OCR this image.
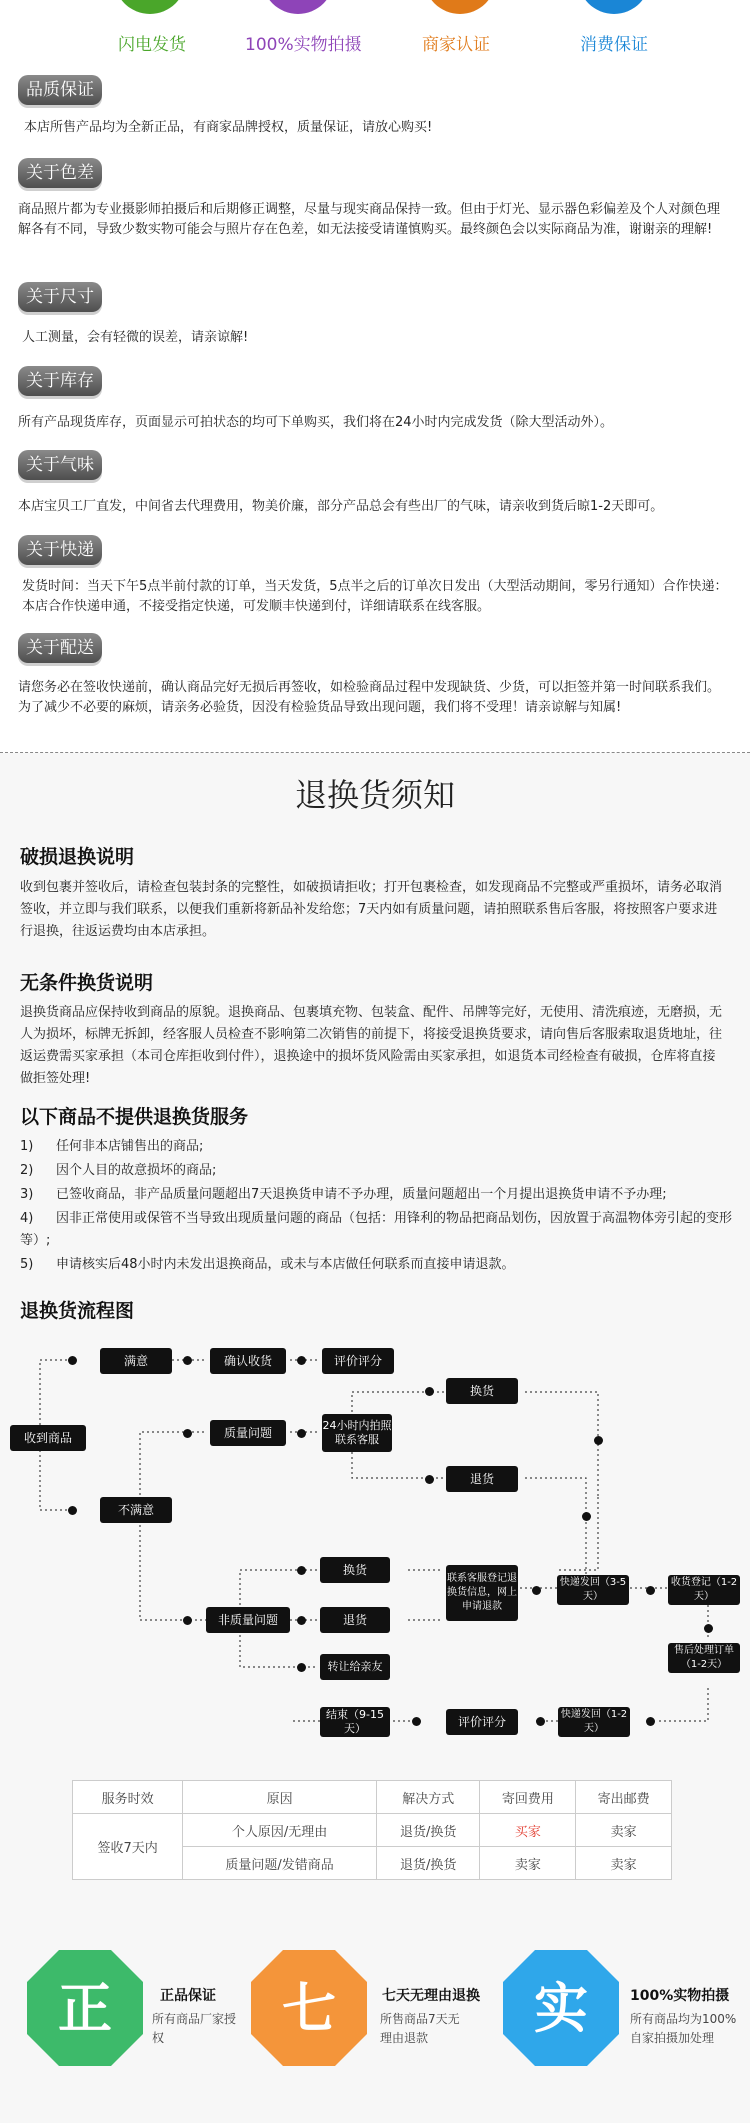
闪电发货	100%实物拍摄	商家认证	消费保证
品质保证
本店所售产品均为全新正品，有商家品牌授权，质量保证，请放心购买!
关于色差
商品照片都为专业摄影师拍摄后和后期修正调整，尽量与现实商品保持一致。但由于灯光、显示器色彩偏差及个人对颜色理解各有不同，导致少数实物可能会与照片存在色差，如无法接受请谨慎购买。最终颜色会以实际商品为准，谢谢亲的理解!
关于尺寸
人工测量，会有轻微的误差，请亲谅解!
关于库存
所有产品现货库存，页面显示可拍状态的均可下单购买，我们将在24小时内完成发货（除大型活动外）。
关于气味
本店宝贝工厂直发，中间省去代理费用，物美价廉，部分产品总会有些出厂的气味，请亲收到货后晾1-2天即可。
关于快递
发货时间：当天下午5点半前付款的订单，当天发货，5点半之后的订单次日发出（大型活动期间，零另行通知）合作快递：本店合作快递申通，不接受指定快递，可发顺丰快递到付，详细请联系在线客服。
关于配送
请您务必在签收快递前，确认商品完好无损后再签收，如检验商品过程中发现缺货、少货，可以拒签并第一时间联系我们。为了减少不必要的麻烦，请亲务必验货，因没有检验货品导致出现问题，我们将不受理！请亲谅解与知属!
退换货须知
破损退换说明
收到包裹并签收后，请检查包装封条的完整性，如破损请拒收；打开包裹检查，如发现商品不完整或严重损坏，请务必取消签收，并立即与我们联系，以便我们重新将新品补发给您；7天内如有质量问题，请拍照联系售后客服，将按照客户要求进行退换，往返运费均由本店承担。
无条件换货说明
退换货商品应保持收到商品的原貌。退换商品、包裹填充物、包装盒、配件、吊牌等完好，无使用、清洗痕迹，无磨损，无人为损坏，标牌无拆卸，经客服人员检查不影响第二次销售的前提下，将接受退换货要求，请向售后客服索取退货地址，往返运费需买家承担（本司仓库拒收到付件），退换途中的损坏货风险需由买家承担，如退货本司经检查有破损，仓库将直接做拒签处理!
以下商品不提供退换货服务
1) 任何非本店铺售出的商品;
2) 因个人目的故意损坏的商品;
3) 已签收商品，非产品质量问题超出7天退换货申请不予办理，质量问题超出一个月提出退换货申请不予办理;
4) 因非正常使用或保管不当导致出现质量问题的商品（包括：用锋利的物品把商品划伤，因放置于高温物体旁引起的变形等）;
5) 申请核实后48小时内未发出退换商品，或未与本店做任何联系而直接申请退款。
退换货流程图
收到商品
满意	确认收货	评价评分
质量问题
24小时内拍照联系客服
换货
退货
不满意
非质量问题
换货
退货
转让给亲友
联系客服登记退换货信息，网上申请退款
快递发回（3-5天）
收货登记（1-2天）
售后处理订单（1-2天）
快递发回（1-2天）
评价评分
结束（9-15天）
服务时效	原因	解决方式	寄回费用	寄出邮费
签收7天内	个人原因/无理由	退货/换货	买家	卖家
	质量问题/发错商品	退货/换货	卖家	卖家
正	正品保证
所有商品厂家授权	七	七天无理由退换
所售商品7天无理由退款	实	100%实物拍摄
所有商品均为100%自家拍摄加处理
